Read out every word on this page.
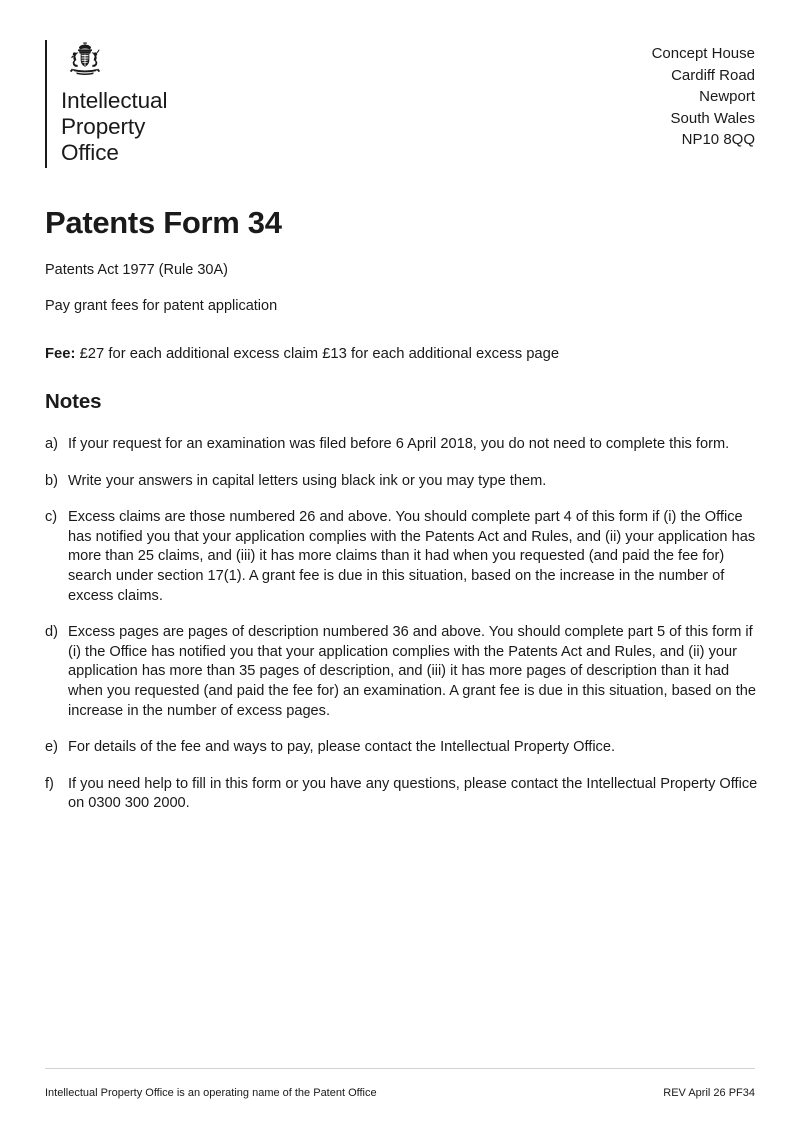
Intellectual
Property
Office
Concept House
Cardiff Road
Newport
South Wales
NP10 8QQ
Patents Form 34
Patents Act 1977 (Rule 30A)
Pay grant fees for patent application
Fee: £27 for each additional excess claim £13 for each additional excess page
Notes
a) If your request for an examination was filed before 6 April 2018, you do not need to complete this form.
b) Write your answers in capital letters using black ink or you may type them.
c) Excess claims are those numbered 26 and above. You should complete part 4 of this form if (i) the Office has notified you that your application complies with the Patents Act and Rules, and (ii) your application has more than 25 claims, and (iii) it has more claims than it had when you requested (and paid the fee for) search under section 17(1). A grant fee is due in this situation, based on the increase in the number of excess claims.
d) Excess pages are pages of description numbered 36 and above. You should complete part 5 of this form if (i) the Office has notified you that your application complies with the Patents Act and Rules, and (ii) your application has more than 35 pages of description, and (iii) it has more pages of description than it had when you requested (and paid the fee for) an examination. A grant fee is due in this situation, based on the increase in the number of excess pages.
e) For details of the fee and ways to pay, please contact the Intellectual Property Office.
f) If you need help to fill in this form or you have any questions, please contact the Intellectual Property Office on 0300 300 2000.
Intellectual Property Office is an operating name of the Patent Office	REV April 26 PF34
